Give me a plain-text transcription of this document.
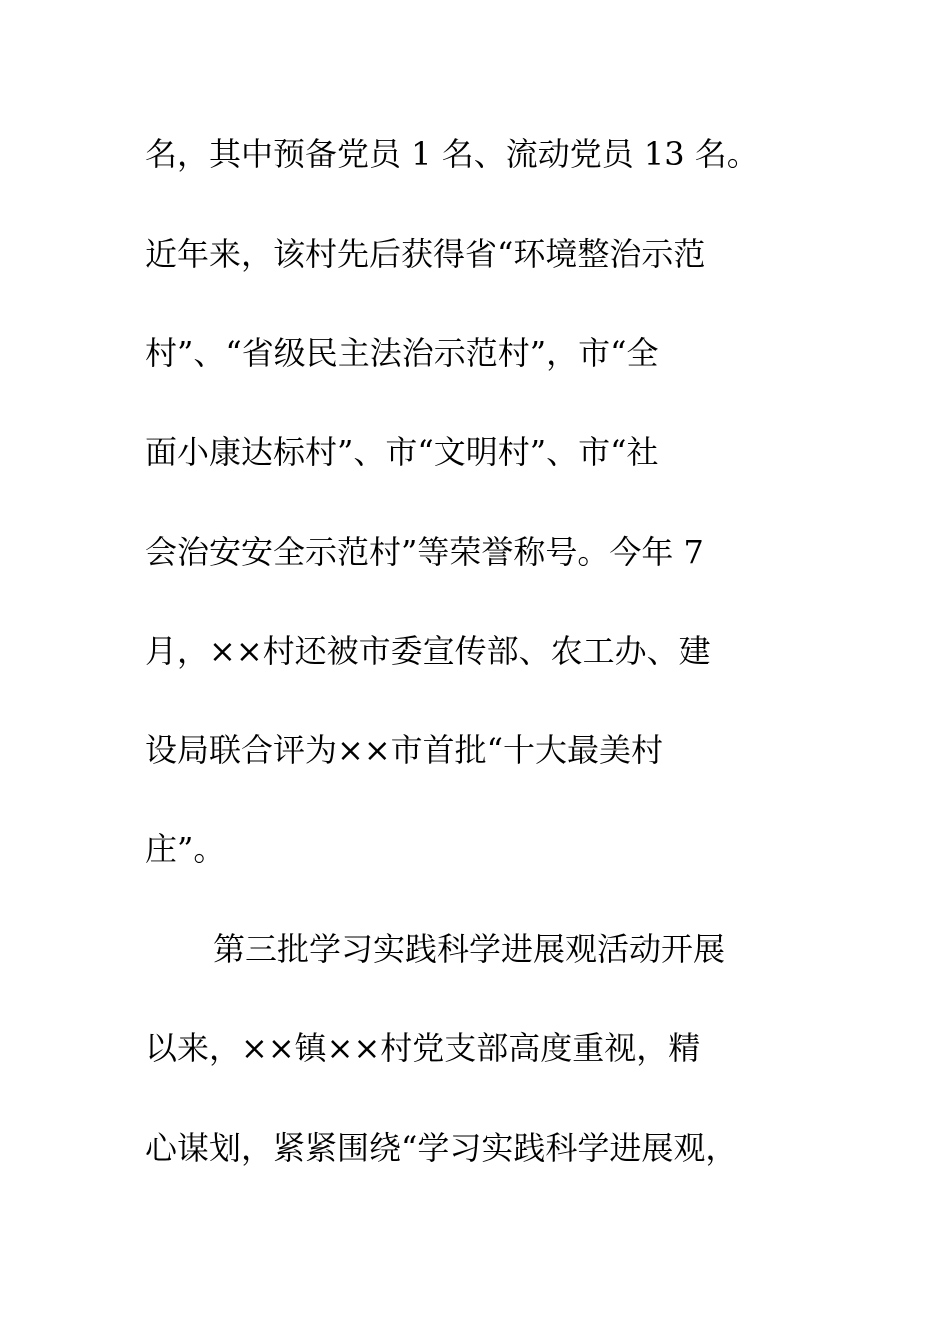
名，其中预备党员 1 名、流动党员 13 名。
近年来，该村先后获得省“环境整治示范
村”、“省级民主法治示范村”，市“全
面小康达标村”、市“文明村”、市“社
会治安安全示范村”等荣誉称号。今年 7
月，××村还被市委宣传部、农工办、建
设局联合评为××市首批“十大最美村
庄”。
第三批学习实践科学进展观活动开展
以来，××镇××村党支部高度重视，精
心谋划，紧紧围绕“学习实践科学进展观，
